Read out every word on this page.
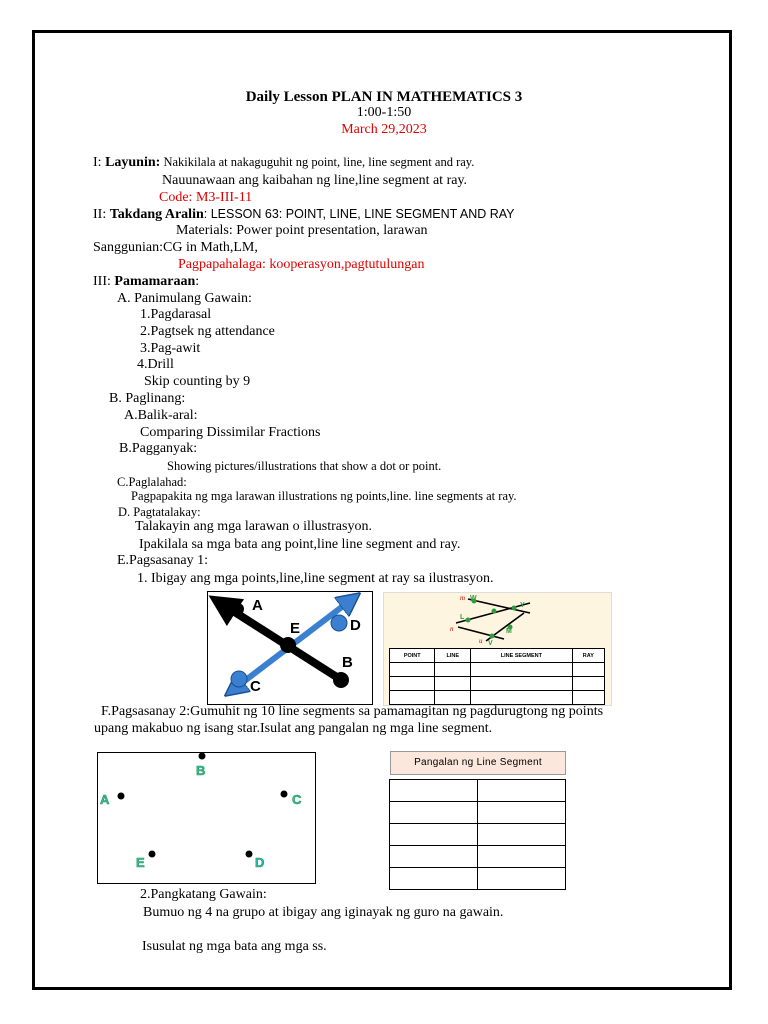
Daily Lesson PLAN IN MATHEMATICS 3
1:00-1:50
March 29,2023
I: Layunin: Nakikilala at nakaguguhit ng point, line, line segment and ray.
Nauunawaan ang kaibahan ng line,line segment at ray.
Code: M3-III-11
II: Takdang Aralin: LESSON 63: POINT, LINE, LINE SEGMENT AND RAY
Materials: Power point presentation, larawan
Sanggunian:CG in Math,LM,
Pagpapahalaga: kooperasyon,pagtutulungan
III: Pamamaraan:
A. Panimulang Gawain:
1.Pagdarasal
2.Pagtsek ng attendance
3.Pag-awit
4.Drill
Skip counting by 9
B. Paglinang:
A.Balik-aral:
Comparing Dissimilar Fractions
B.Pagganyak:
Showing pictures/illustrations that show a dot or point.
C.Paglalahad:
Pagpapakita ng mga larawan illustrations ng points,line. line segments at ray.
D. Pagtatalakay:
Talakayin ang mga larawan o illustrasyon.
Ipakilala sa mga bata ang point,line line segment and ray.
E.Pagsasanay 1:
1. Ibigay ang mga points,line,line segment at ray sa ilustrasyon.
A
D
E
B
C
m W
Y
L
n	M
u V
POINT	LINE	LINE SEGMENT	RAY

F.Pagsasanay 2:Gumuhit ng 10 line segments sa pamamagitan ng pagdurugtong ng points
upang makabuo ng isang star.Isulat ang pangalan ng mga line segment.
B
A	C
E	D
Pangalan ng Line Segment

2.Pangkatang Gawain:
Bumuo ng 4 na grupo at ibigay ang iginayak ng guro na gawain.
Isusulat ng mga bata ang mga ss.
